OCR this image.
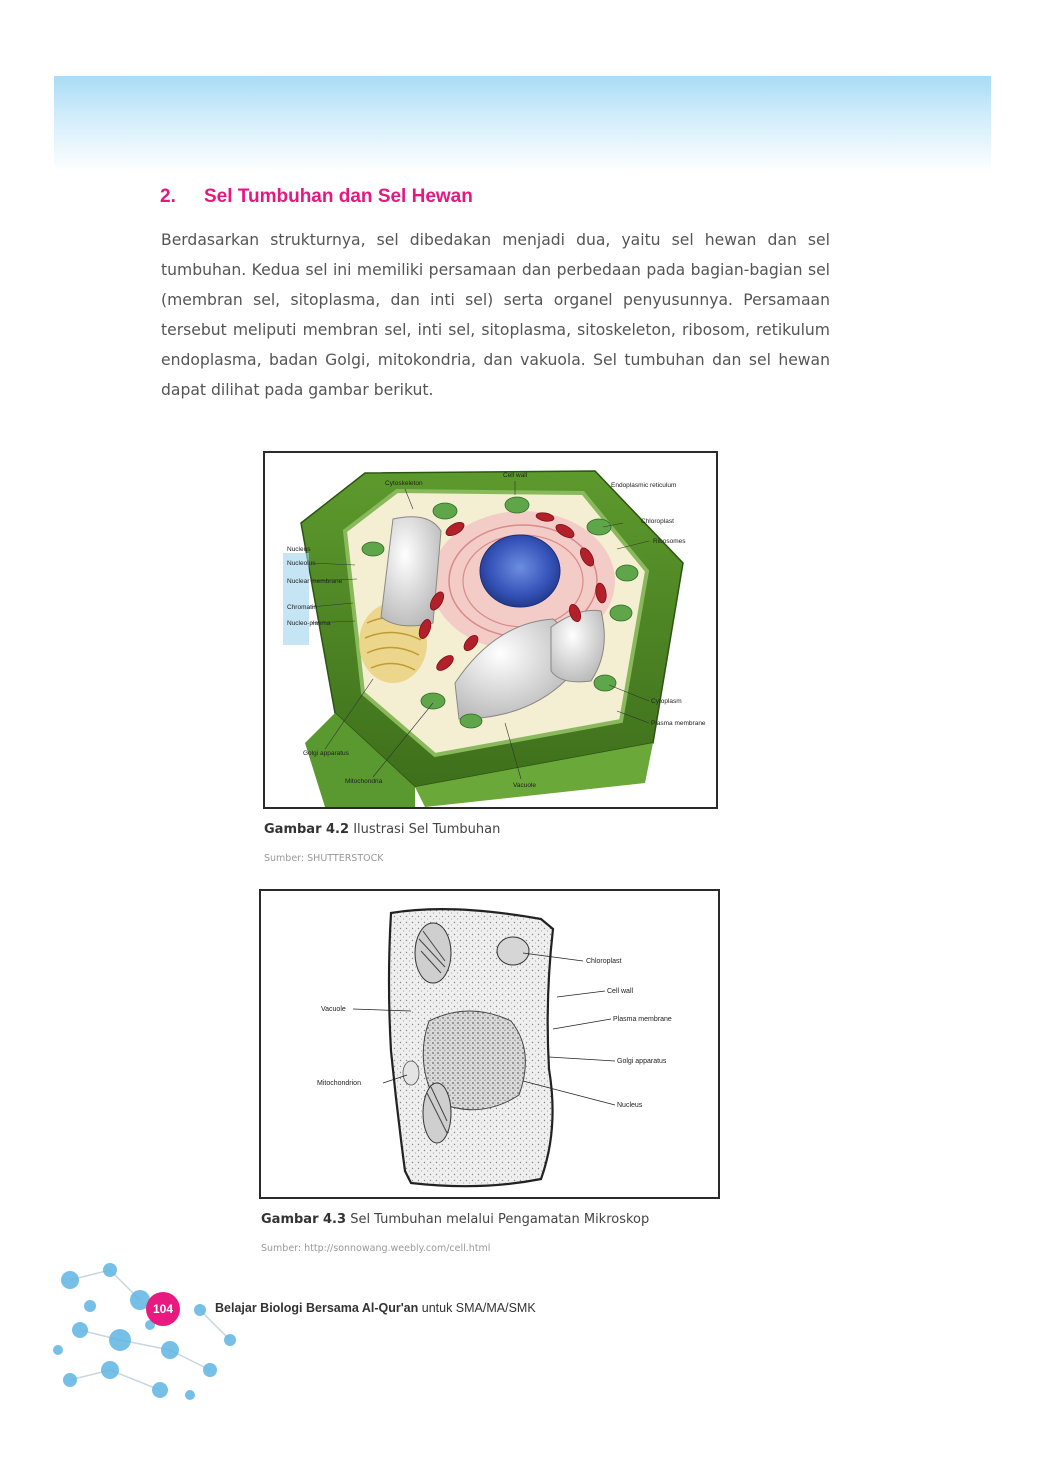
2. Sel Tumbuhan dan Sel Hewan

Berdasarkan strukturnya, sel dibedakan menjadi dua, yaitu sel hewan dan sel tumbuhan. Kedua sel ini memiliki persamaan dan perbedaan pada bagian-bagian sel (membran sel, sitoplasma, dan inti sel) serta organel penyusunnya. Persamaan tersebut meliputi membran sel, inti sel, sitoplasma, sitoskeleton, ribosom, retikulum endoplasma, badan Golgi, mitokondria, dan vakuola. Sel tumbuhan dan sel hewan dapat dilihat pada gambar berikut.

Cytoskeleton
Cell wall
Endoplasmic reticulum
Chloroplast
Ribosomes
Nucleus
Nucleolus
Nuclear membrane
Chromatin
Nucleo-plasma
Cytoplasm
Plasma membrane
Golgi apparatus
Mitochondria
Vacuole

Gambar 4.2 Ilustrasi Sel Tumbuhan

Sumber: SHUTTERSTOCK

Chloroplast
Cell wall
Vacuole
Plasma membrane
Golgi apparatus
Mitochondrion
Nucleus

Gambar 4.3 Sel Tumbuhan melalui Pengamatan Mikroskop

Sumber: http://sonnowang.weebly.com/cell.html

104	Belajar Biologi Bersama Al-Qur'an untuk SMA/MA/SMK
